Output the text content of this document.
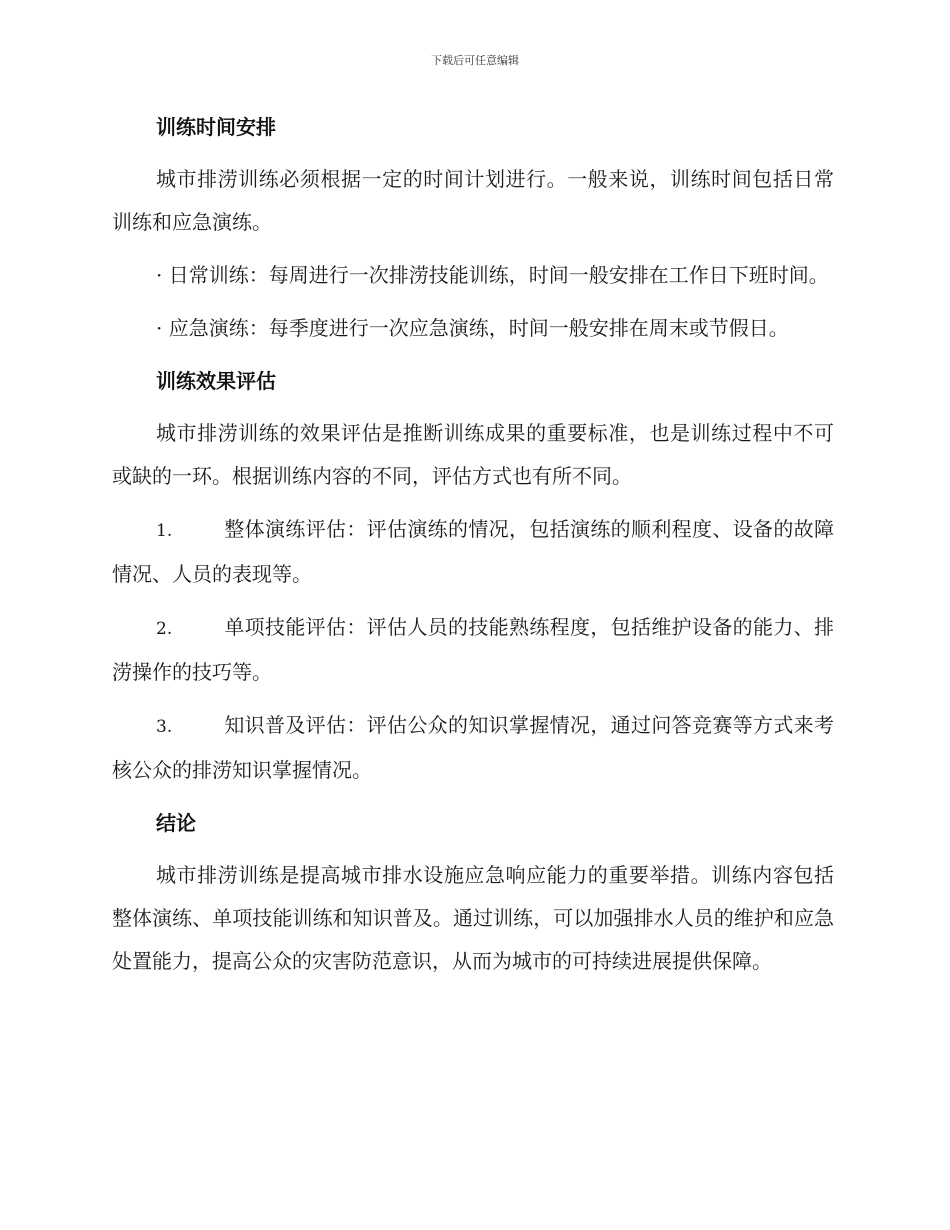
下载后可任意编辑
训练时间安排

城市排涝训练必须根据一定的时间计划进行。一般来说，训练时间包括日常训练和应急演练。

· 日常训练：每周进行一次排涝技能训练，时间一般安排在工作日下班时间。

· 应急演练：每季度进行一次应急演练，时间一般安排在周末或节假日。

训练效果评估

城市排涝训练的效果评估是推断训练成果的重要标准，也是训练过程中不可或缺的一环。根据训练内容的不同，评估方式也有所不同。

1.	整体演练评估：评估演练的情况，包括演练的顺利程度、设备的故障情况、人员的表现等。

2.	单项技能评估：评估人员的技能熟练程度，包括维护设备的能力、排涝操作的技巧等。

3.	知识普及评估：评估公众的知识掌握情况，通过问答竞赛等方式来考核公众的排涝知识掌握情况。

结论

城市排涝训练是提高城市排水设施应急响应能力的重要举措。训练内容包括整体演练、单项技能训练和知识普及。通过训练，可以加强排水人员的维护和应急处置能力，提高公众的灾害防范意识，从而为城市的可持续进展提供保障。
